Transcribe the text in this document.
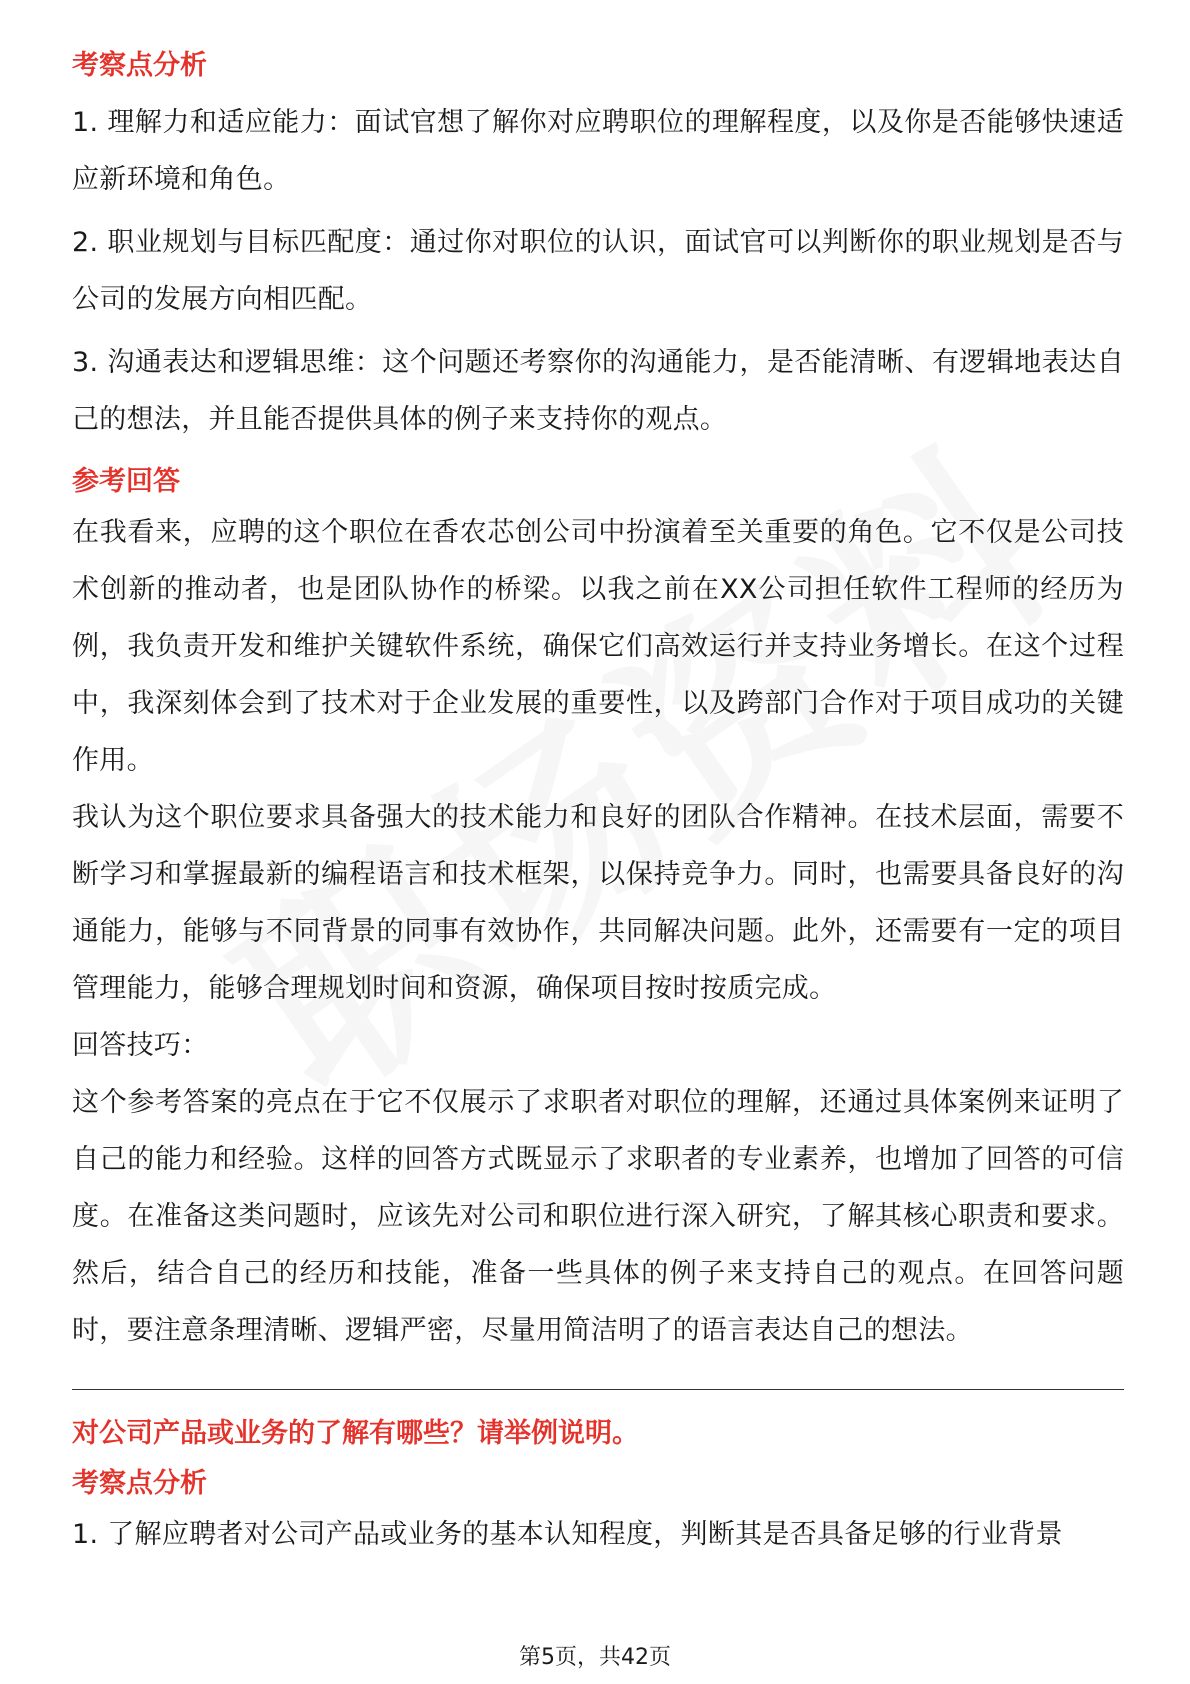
考察点分析

1. 理解力和适应能力：面试官想了解你对应聘职位的理解程度，以及你是否能够快速适应新环境和角色。

2. 职业规划与目标匹配度：通过你对职位的认识，面试官可以判断你的职业规划是否与公司的发展方向相匹配。

3. 沟通表达和逻辑思维：这个问题还考察你的沟通能力，是否能清晰、有逻辑地表达自己的想法，并且能否提供具体的例子来支持你的观点。

参考回答

在我看来，应聘的这个职位在香农芯创公司中扮演着至关重要的角色。它不仅是公司技术创新的推动者，也是团队协作的桥梁。以我之前在XX公司担任软件工程师的经历为例，我负责开发和维护关键软件系统，确保它们高效运行并支持业务增长。在这个过程中，我深刻体会到了技术对于企业发展的重要性，以及跨部门合作对于项目成功的关键作用。

我认为这个职位要求具备强大的技术能力和良好的团队合作精神。在技术层面，需要不断学习和掌握最新的编程语言和技术框架，以保持竞争力。同时，也需要具备良好的沟通能力，能够与不同背景的同事有效协作，共同解决问题。此外，还需要有一定的项目管理能力，能够合理规划时间和资源，确保项目按时按质完成。

回答技巧：

这个参考答案的亮点在于它不仅展示了求职者对职位的理解，还通过具体案例来证明了自己的能力和经验。这样的回答方式既显示了求职者的专业素养，也增加了回答的可信度。在准备这类问题时，应该先对公司和职位进行深入研究，了解其核心职责和要求。然后，结合自己的经历和技能，准备一些具体的例子来支持自己的观点。在回答问题时，要注意条理清晰、逻辑严密，尽量用简洁明了的语言表达自己的想法。

对公司产品或业务的了解有哪些？请举例说明。

考察点分析

1. 了解应聘者对公司产品或业务的基本认知程度，判断其是否具备足够的行业背景

第5页，共42页
